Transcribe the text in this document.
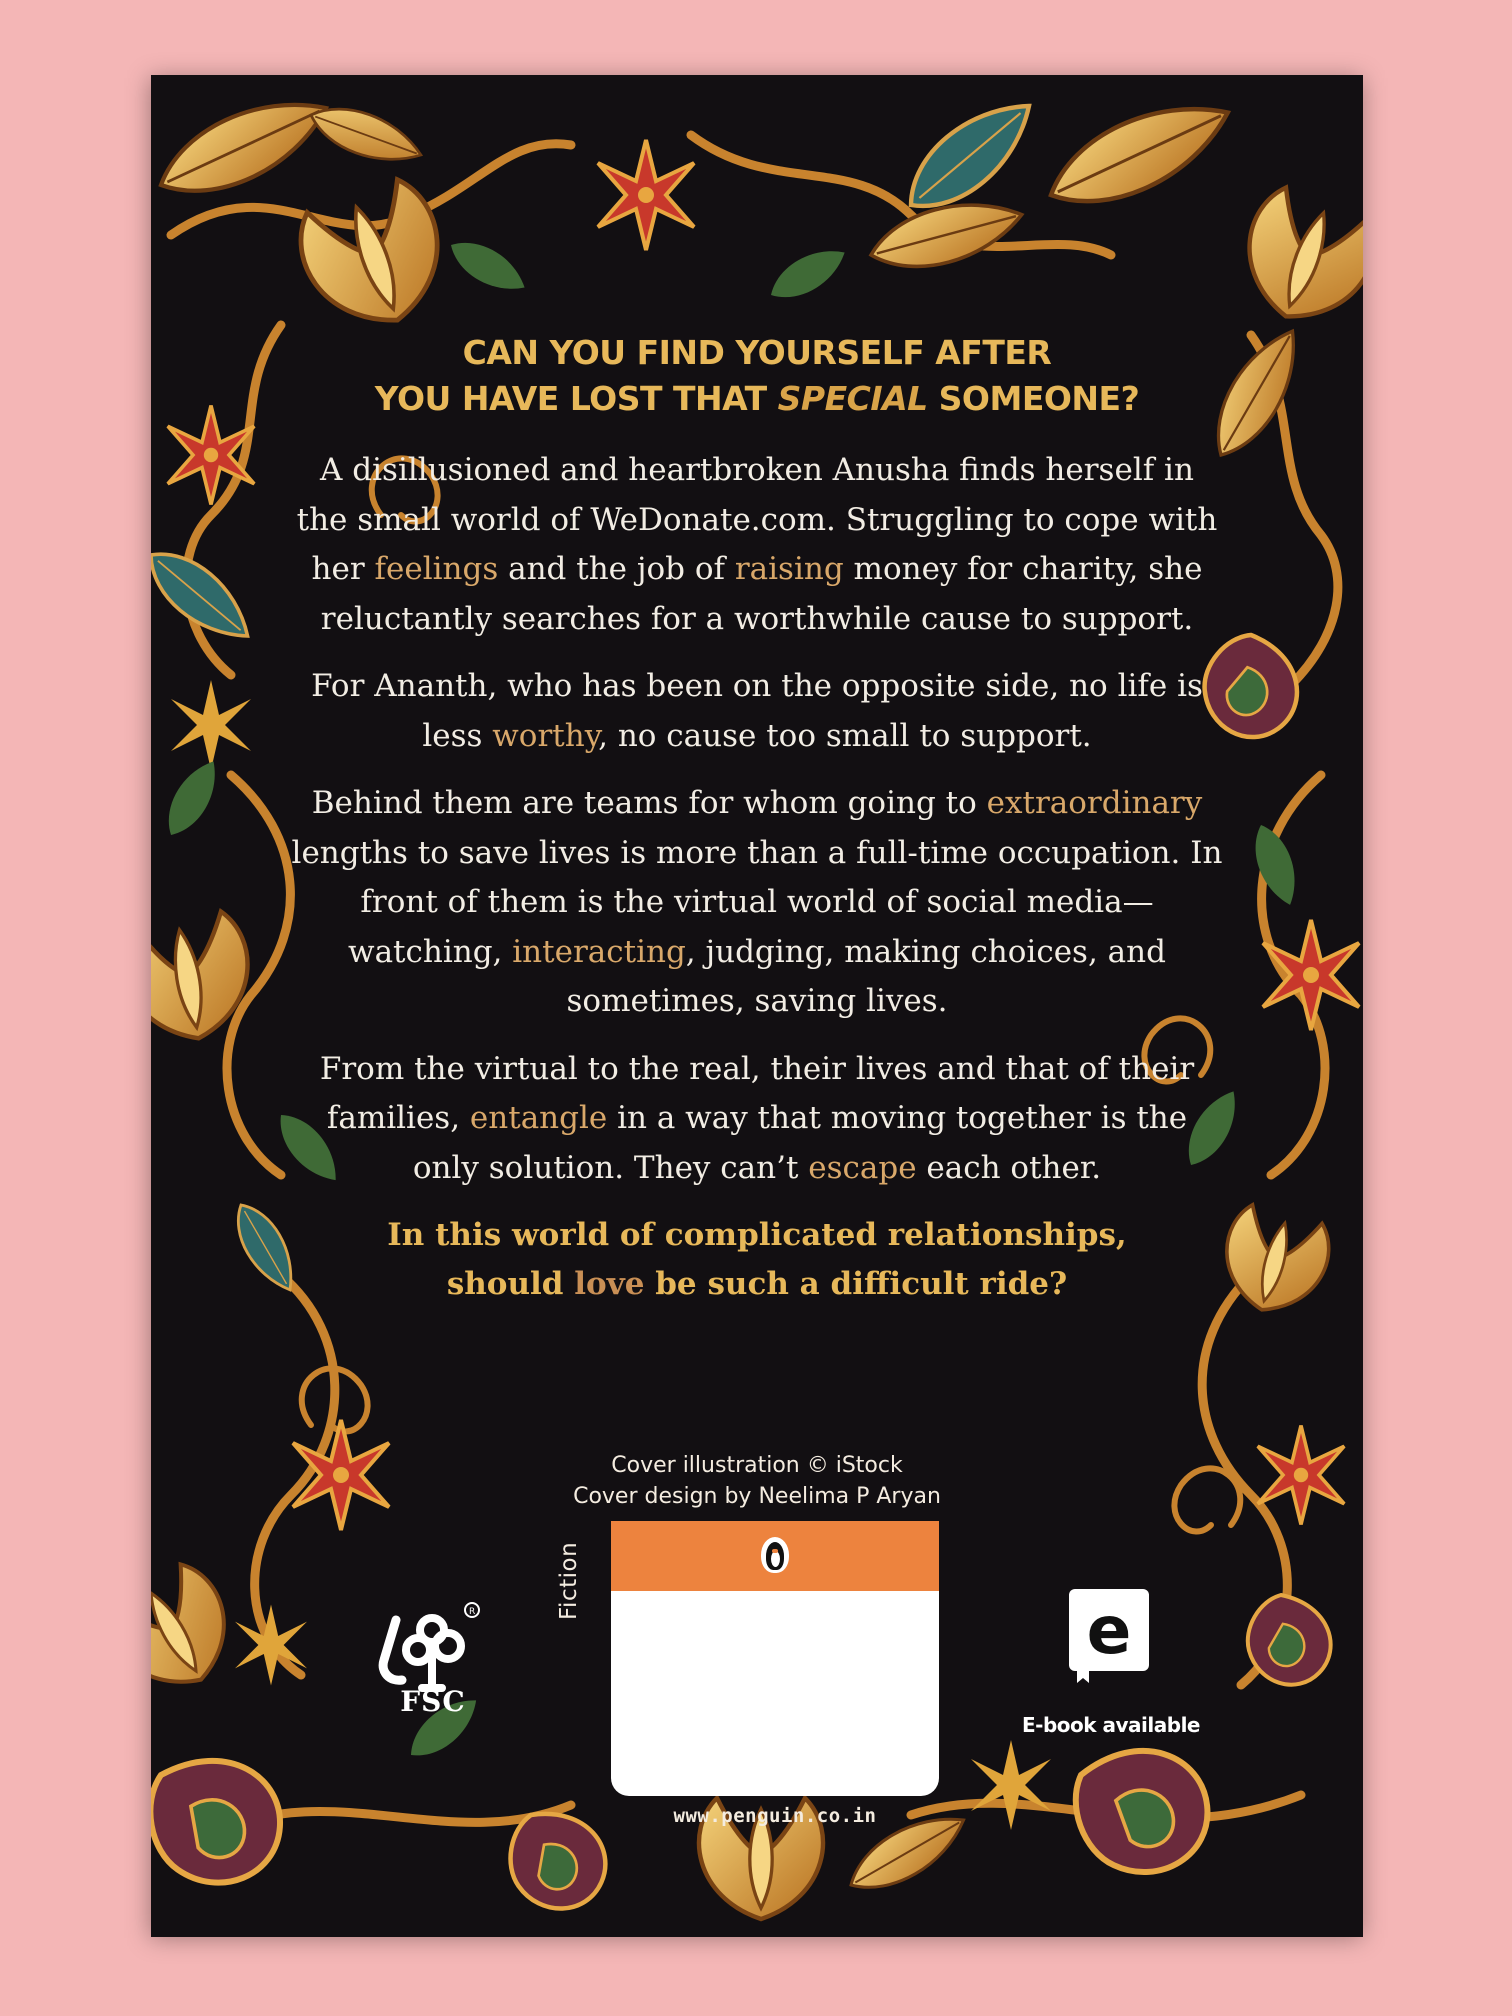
CAN YOU FIND YOURSELF AFTER
YOU HAVE LOST THAT SPECIAL SOMEONE?

A disillusioned and heartbroken Anusha finds herself in the small world of WeDonate.com. Struggling to cope with her feelings and the job of raising money for charity, she reluctantly searches for a worthwhile cause to support.

For Ananth, who has been on the opposite side, no life is less worthy, no cause too small to support.

Behind them are teams for whom going to extraordinary lengths to save lives is more than a full-time occupation. In front of them is the virtual world of social media—watching, interacting, judging, making choices, and sometimes, saving lives.

From the virtual to the real, their lives and that of their families, entangle in a way that moving together is the only solution. They can’t escape each other.

In this world of complicated relationships,
should love be such a difficult ride?
Cover illustration © iStock
Cover design by Neelima P Aryan
Fiction
www.penguin.co.in
R
FSC
e
E-book available
